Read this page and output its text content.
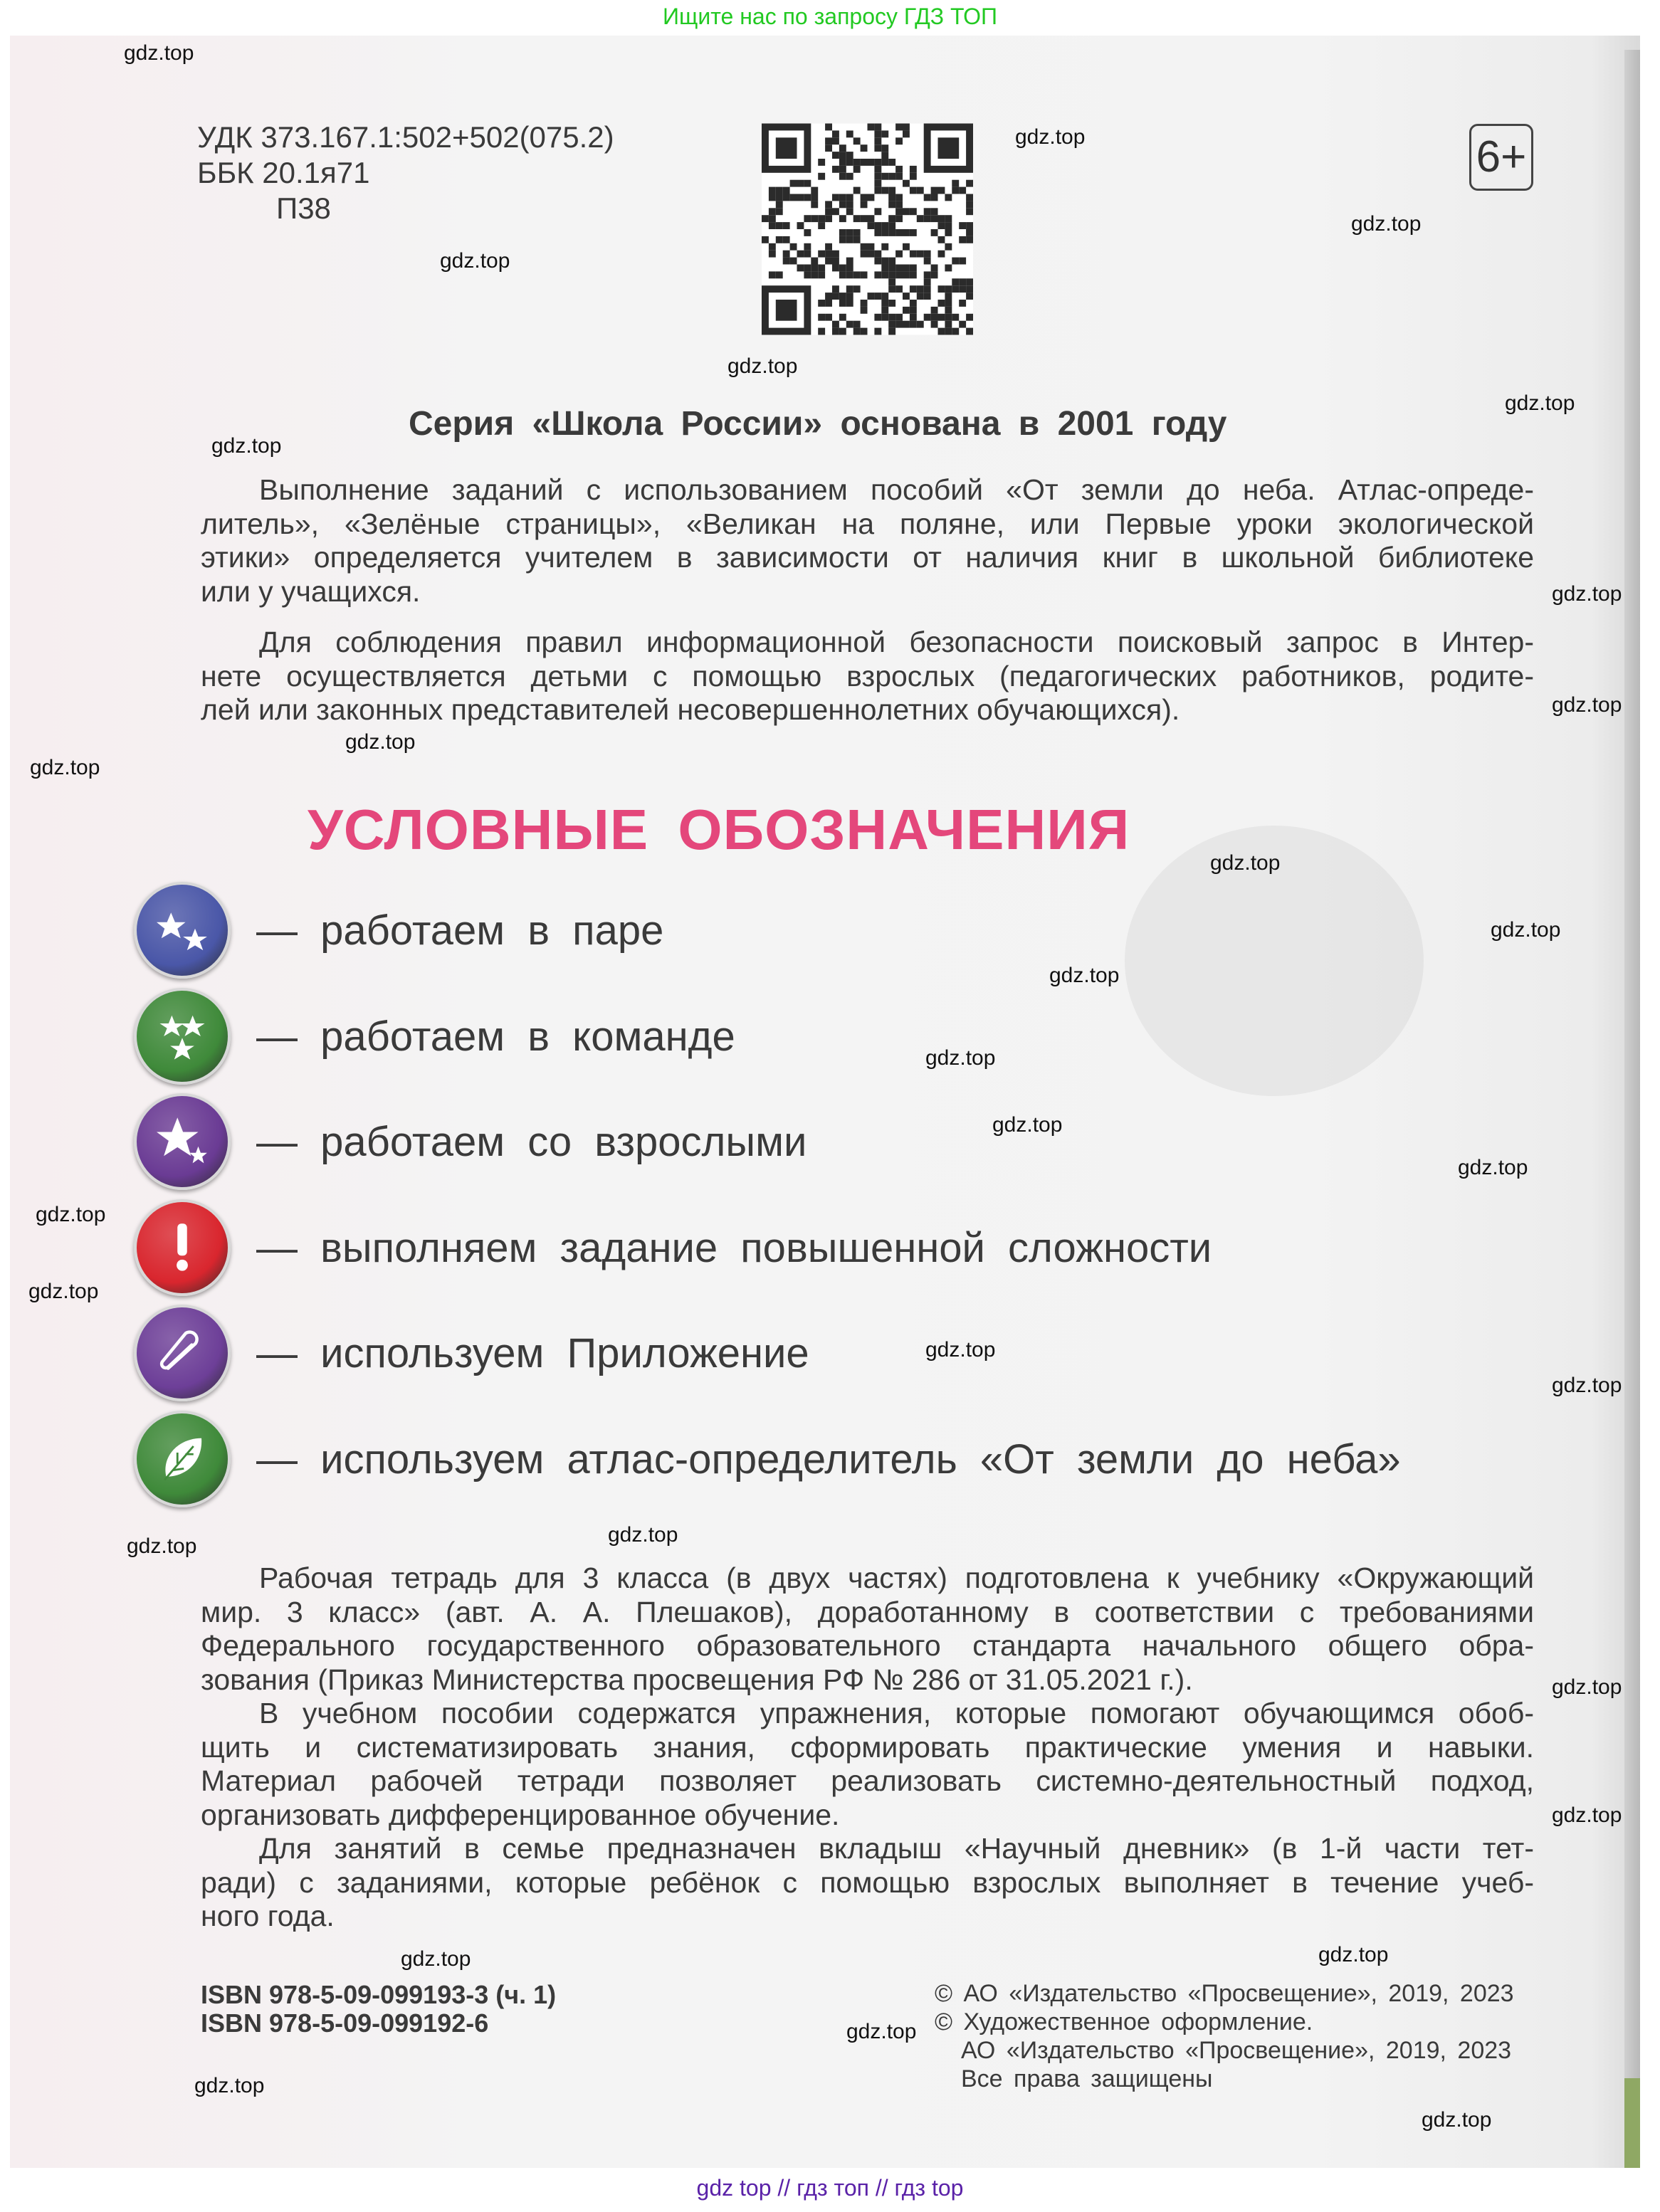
Ищите нас по запросу ГДЗ ТОП
УДК 373.167.1:502+502(075.2)
ББК 20.1я71
П38
6+
Серия «Школа России» основана в 2001 году
Выполнение заданий с использованием пособий «От земли до неба. Атлас-опреде-
литель», «Зелёные страницы», «Великан на поляне, или Первые уроки экологической
этики» определяется учителем в зависимости от наличия книг в школьной библиотеке
или у учащихся.
Для соблюдения правил информационной безопасности поисковый запрос в Интер-
нете осуществляется детьми с помощью взрослых (педагогических работников, родите-
лей или законных представителей несовершеннолетних обучающихся).
УСЛОВНЫЕ ОБОЗНАЧЕНИЯ
— работаем в паре
— работаем в команде
— работаем со взрослыми
— выполняем задание повышенной сложности
— используем Приложение
— используем атлас-определитель «От земли до неба»
Рабочая тетрадь для 3 класса (в двух частях) подготовлена к учебнику «Окружающий
мир. 3 класс» (авт. А. А. Плешаков), доработанному в соответствии с требованиями
Федерального государственного образовательного стандарта начального общего обра-
зования (Приказ Министерства просвещения РФ № 286 от 31.05.2021 г.).
В учебном пособии содержатся упражнения, которые помогают обучающимся обоб-
щить и систематизировать знания, сформировать практические умения и навыки.
Материал рабочей тетради позволяет реализовать системно-деятельностный подход,
организовать дифференцированное обучение.
Для занятий в семье предназначен вкладыш «Научный дневник» (в 1-й части тет-
ради) с заданиями, которые ребёнок с помощью взрослых выполняет в течение учеб-
ного года.
ISBN 978-5-09-099193-3 (ч. 1)
ISBN 978-5-09-099192-6
© АО «Издательство «Просвещение», 2019, 2023
© Художественное оформление.
АО «Издательство «Просвещение», 2019, 2023
Все права защищены
gdz.top
gdz.top
gdz.top
gdz.top
gdz.top
gdz.top
gdz.top
gdz.top
gdz.top
gdz.top
gdz.top
gdz.top
gdz.top
gdz.top
gdz.top
gdz.top
gdz.top
gdz.top
gdz.top
gdz.top
gdz.top
gdz.top
gdz.top
gdz.top
gdz.top
gdz.top
gdz.top
gdz.top
gdz.top
gdz.top
gdz top // гдз топ // гдз top
